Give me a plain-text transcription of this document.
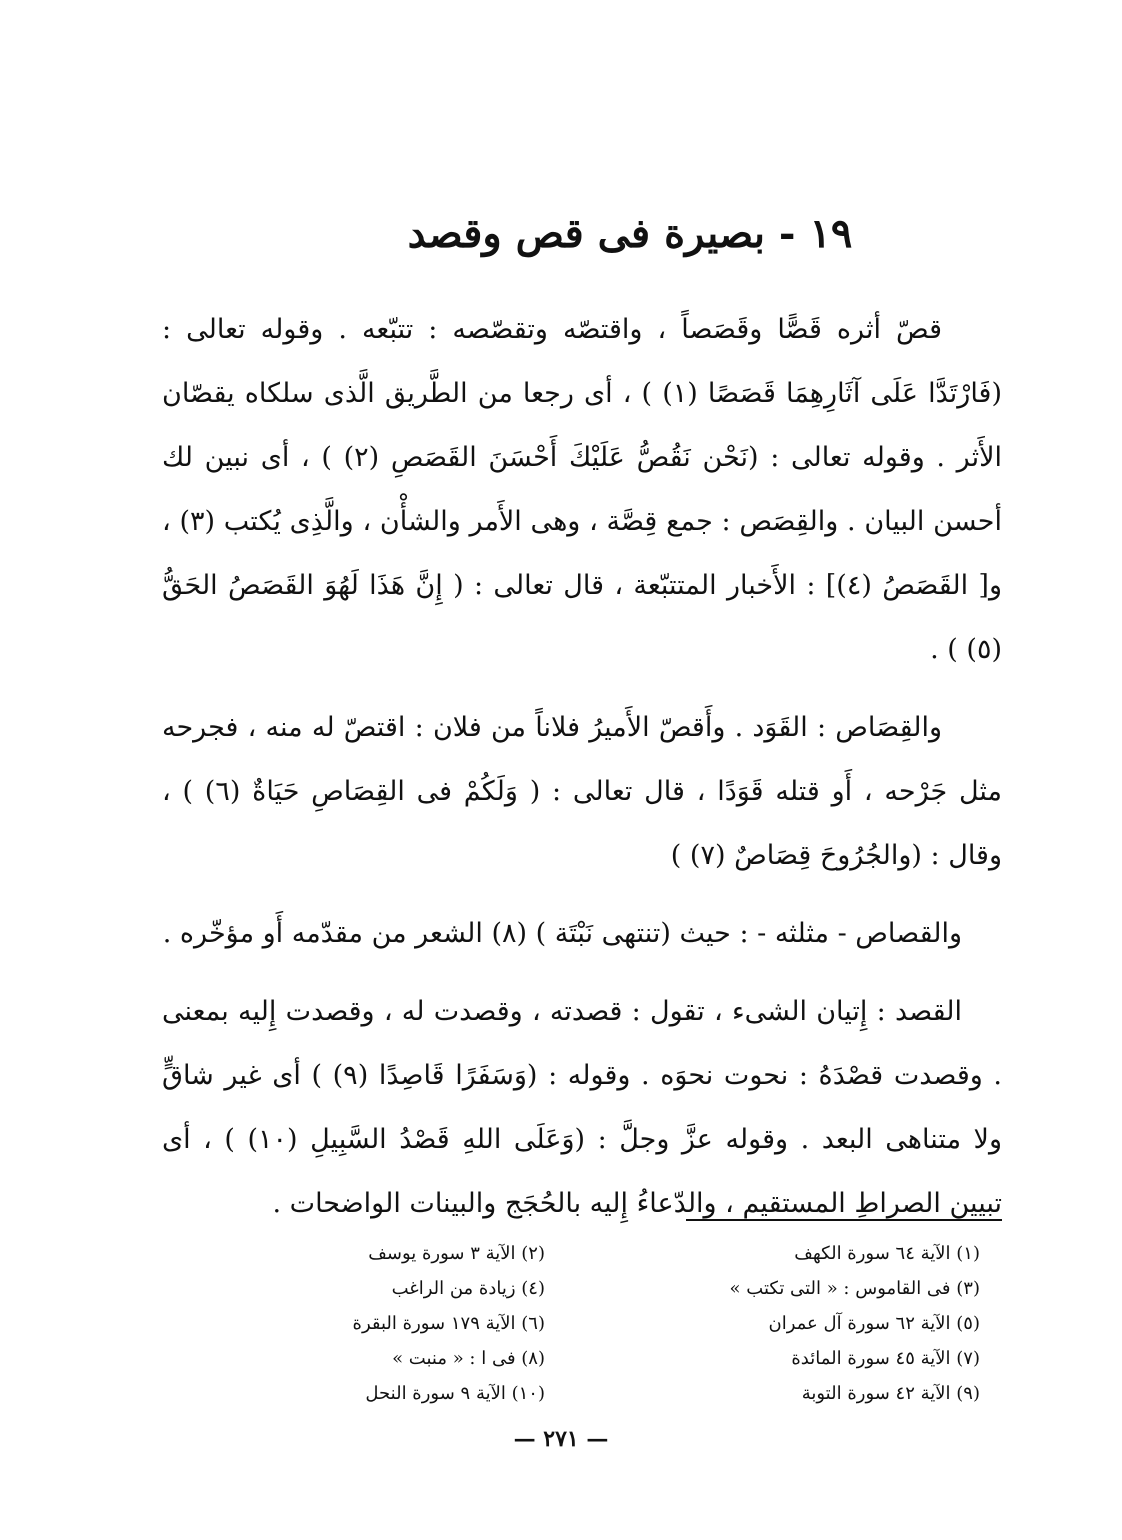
١٩ - بصيرة فى قص وقصد

قصّ أثره قَصًّا وقَصَصاً ، واقتصّه وتقصّصه : تتبّعه . وقوله تعالى : (فَارْتَدَّا عَلَى آثَارِهِمَا قَصَصًا (١) ) ، أى رجعا من الطَّريق الَّذى سلكاه يقصّان الأَثر . وقوله تعالى : (نَحْن نَقُصُّ عَلَيْكَ أَحْسَنَ القَصَصِ (٢) ) ، أى نبين لك أحسن البيان . والقِصَص : جمع قِصَّة ، وهى الأَمر والشأْن ، والَّذِى يُكتب (٣) ، و[ القَصَصُ (٤)] : الأَخبار المتتبّعة ، قال تعالى : ( إِنَّ هَذَا لَهُوَ القَصَصُ الحَقُّ (٥) ) .

والقِصَاص : القَوَد . وأَقصّ الأَميرُ فلاناً من فلان : اقتصّ له منه ، فجرحه مثل جَرْحه ، أَو قتله قَوَدًا ، قال تعالى : ( وَلَكُمْ فى القِصَاصِ حَيَاةٌ (٦) ) ، وقال : (والجُرُوحَ قِصَاصٌ (٧) )

والقصاص - مثلثه - : حيث (تنتهى نَبْتَة ) (٨) الشعر من مقدّمه أَو مؤخّره .

القصد : إِتيان الشىء ، تقول : قصدته ، وقصدت له ، وقصدت إِليه بمعنى . وقصدت قصْدَهُ : نحوت نحوَه . وقوله : (وَسَفَرًا قَاصِدًا (٩) ) أى غير شاقٍّ ولا متناهى البعد . وقوله عزَّ وجلَّ : (وَعَلَى اللهِ قَصْدُ السَّبِيلِ (١٠) ) ، أى تبيين الصراطِ المستقيم ، والدّعاءُ إِليه بالحُجَج والبينات الواضحات .

(١) الآية ٦٤ سورة الكهف
(٣) فى القاموس : « التى تكتب »
(٥) الآية ٦٢ سورة آل عمران
(٧) الآية ٤٥ سورة المائدة
(٩) الآية ٤٢ سورة التوبة
(٢) الآية ٣ سورة يوسف
(٤) زيادة من الراغب
(٦) الآية ١٧٩ سورة البقرة
(٨) فى ا : « منبت »
(١٠) الآية ٩ سورة النحل
— ٢٧١ —
